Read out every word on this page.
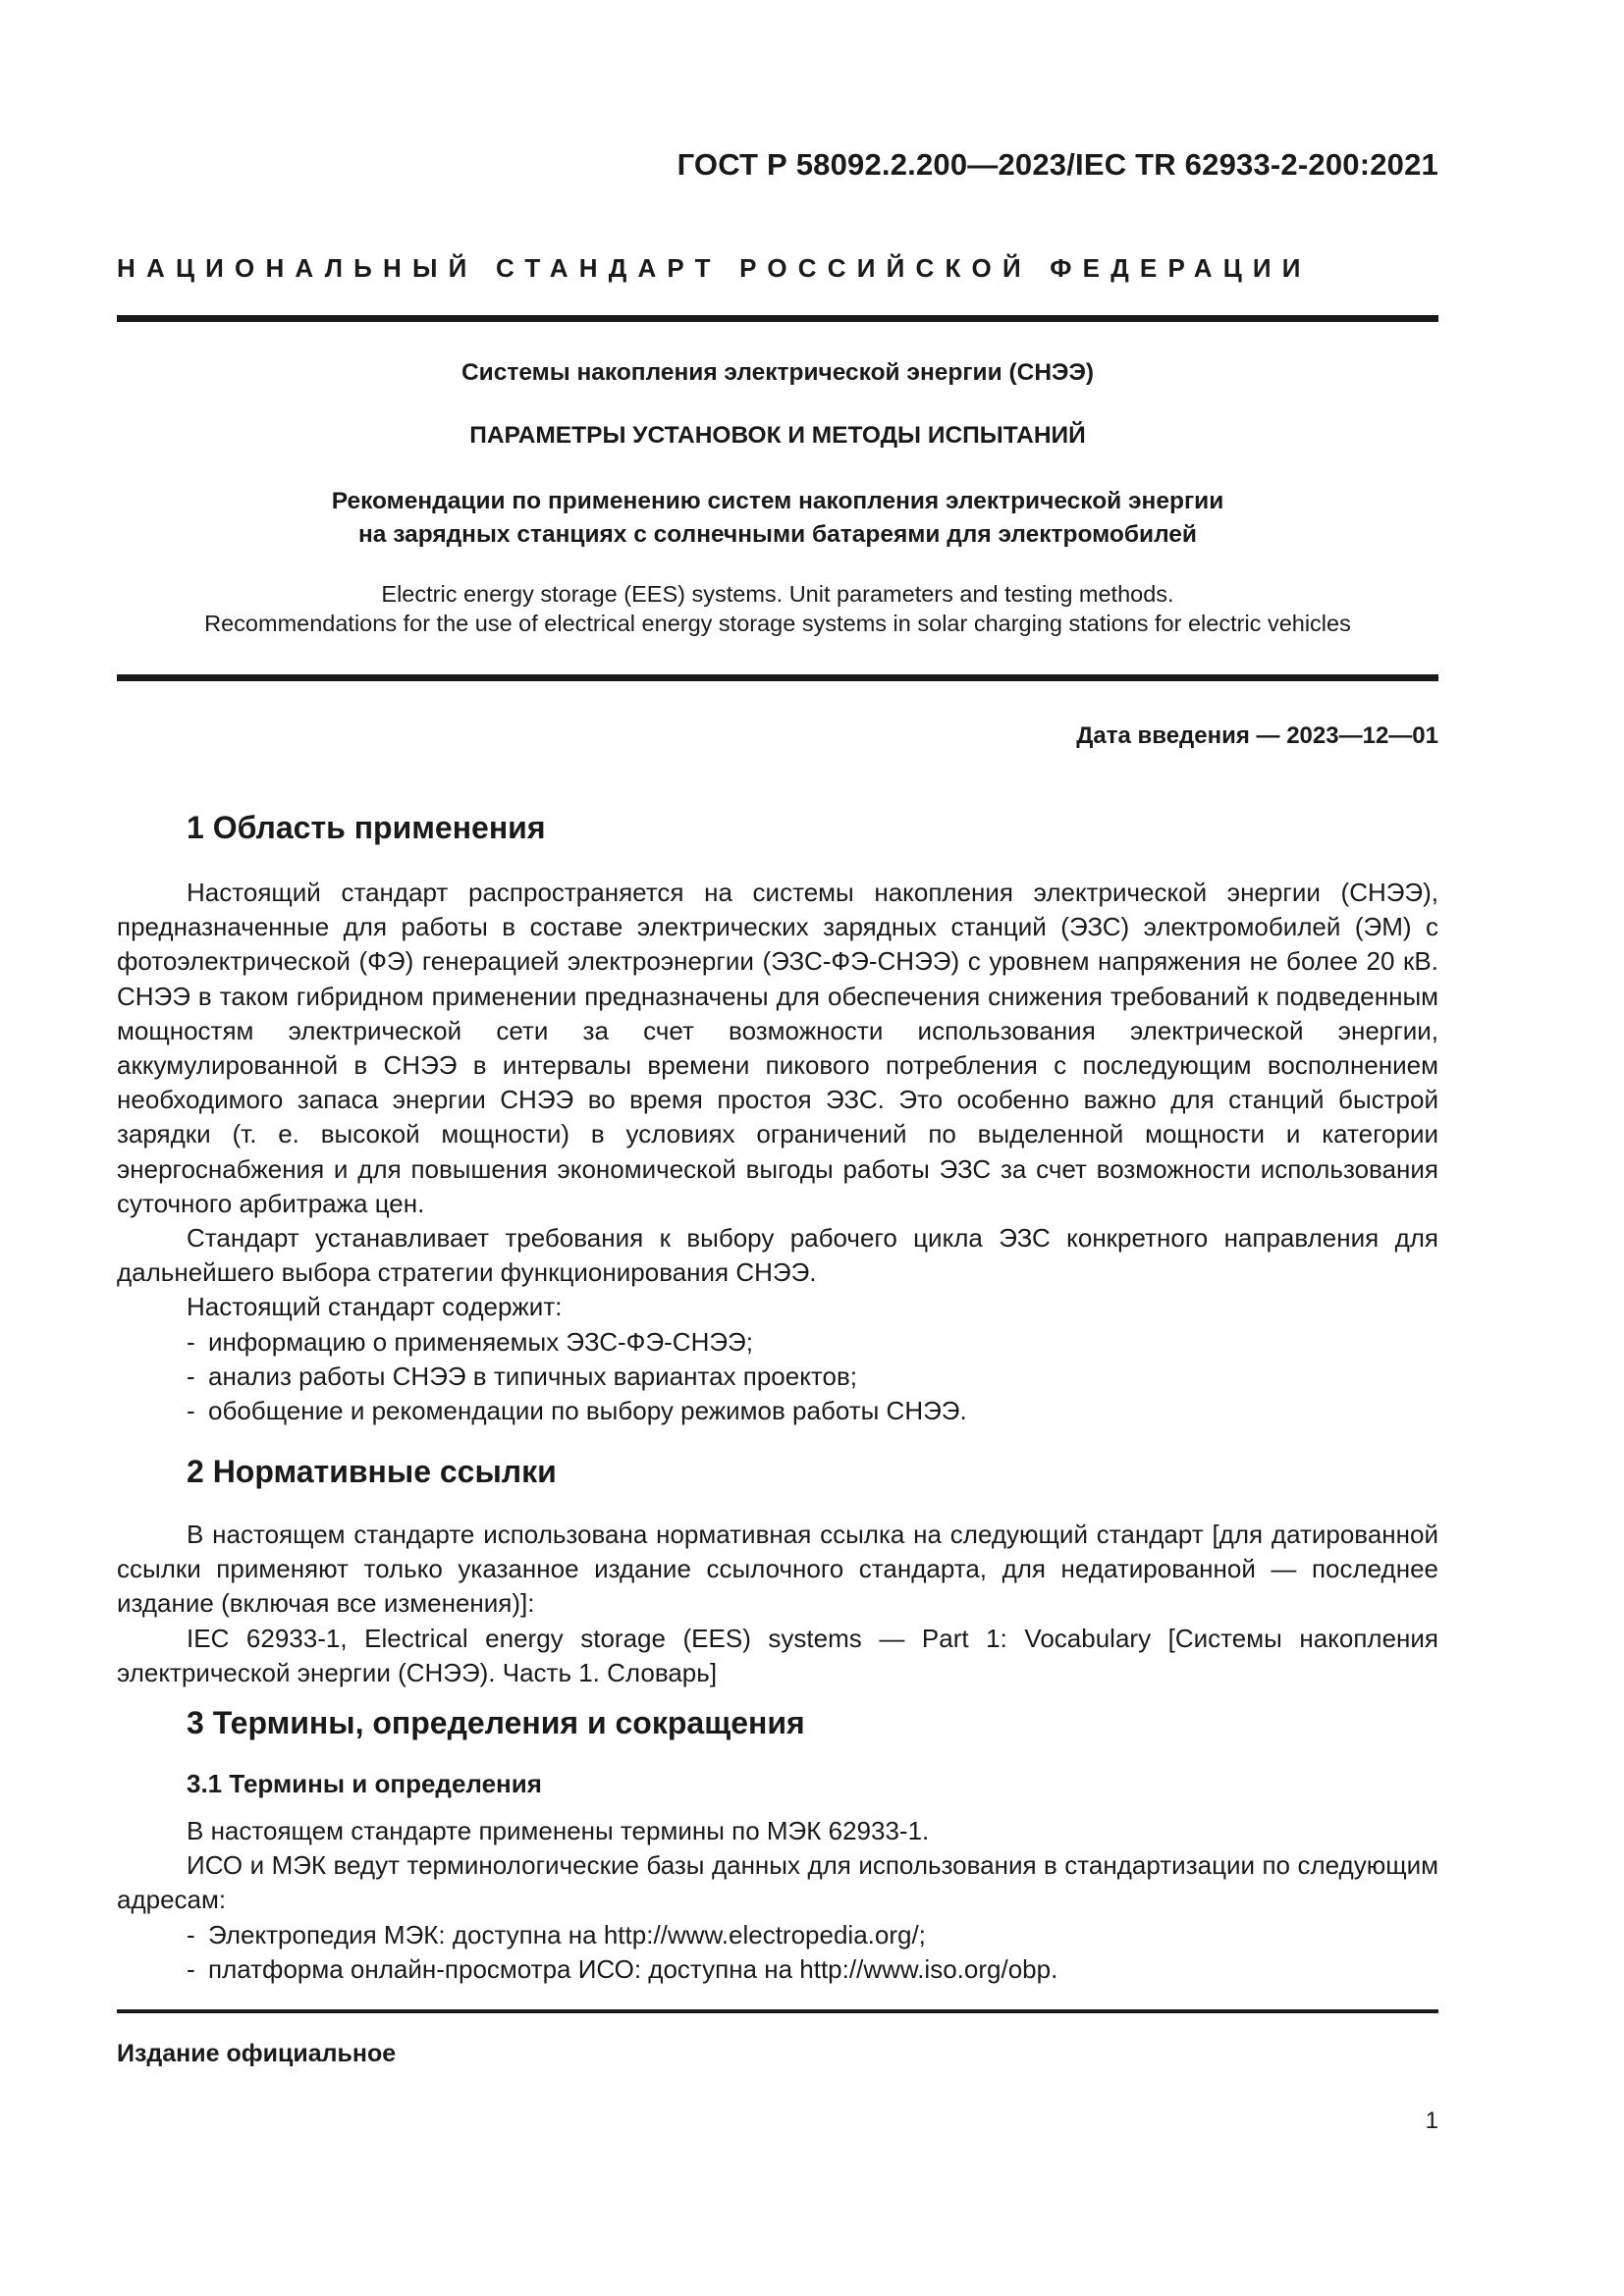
ГОСТ Р 58092.2.200—2023/IEC TR 62933-2-200:2021
НАЦИОНАЛЬНЫЙ СТАНДАРТ РОССИЙСКОЙ ФЕДЕРАЦИИ
Системы накопления электрической энергии (СНЭЭ)
ПАРАМЕТРЫ УСТАНОВОК И МЕТОДЫ ИСПЫТАНИЙ
Рекомендации по применению систем накопления электрической энергии
на зарядных станциях с солнечными батареями для электромобилей
Electric energy storage (EES) systems. Unit parameters and testing methods.
Recommendations for the use of electrical energy storage systems in solar charging stations for electric vehicles
Дата введения — 2023—12—01
1 Область применения

Настоящий стандарт распространяется на системы накопления электрической энергии (СНЭЭ), предназначенные для работы в составе электрических зарядных станций (ЭЗС) электромобилей (ЭМ) с фотоэлектрической (ФЭ) генерацией электроэнергии (ЭЗС-ФЭ-СНЭЭ) с уровнем напряжения не более 20 кВ. СНЭЭ в таком гибридном применении предназначены для обеспечения снижения требований к подведенным мощностям электрической сети за счет возможности использования электрической энергии, аккумулированной в СНЭЭ в интервалы времени пикового потребления с последующим восполнением необходимого запаса энергии СНЭЭ во время простоя ЭЗС. Это особенно важно для станций быстрой зарядки (т. е. высокой мощности) в условиях ограничений по выделенной мощности и категории энергоснабжения и для повышения экономической выгоды работы ЭЗС за счет возможности использования суточного арбитража цен.

Стандарт устанавливает требования к выбору рабочего цикла ЭЗС конкретного направления для дальнейшего выбора стратегии функционирования СНЭЭ.

Настоящий стандарт содержит:

- информацию о применяемых ЭЗС-ФЭ-СНЭЭ;

- анализ работы СНЭЭ в типичных вариантах проектов;

- обобщение и рекомендации по выбору режимов работы СНЭЭ.

2 Нормативные ссылки

В настоящем стандарте использована нормативная ссылка на следующий стандарт [для датированной ссылки применяют только указанное издание ссылочного стандарта, для недатированной — последнее издание (включая все изменения)]:

IEC 62933-1, Electrical energy storage (EES) systems — Part 1: Vocabulary [Системы накопления электрической энергии (СНЭЭ). Часть 1. Словарь]

3 Термины, определения и сокращения
3.1 Термины и определения

В настоящем стандарте применены термины по МЭК 62933-1.

ИСО и МЭК ведут терминологические базы данных для использования в стандартизации по следующим адресам:

- Электропедия МЭК: доступна на http://www.electropedia.org/;

- платформа онлайн-просмотра ИСО: доступна на http://www.iso.org/obp.

Издание официальное
1
